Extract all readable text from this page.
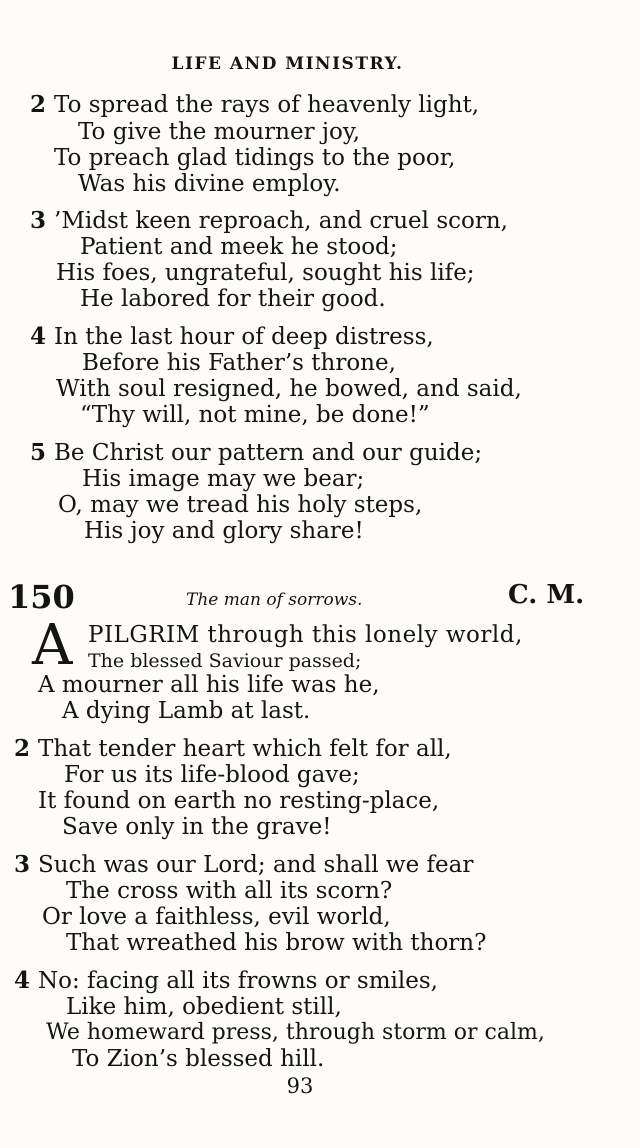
LIFE AND MINISTRY.
2 To spread the rays of heavenly light,
To give the mourner joy,
To preach glad tidings to the poor,
Was his divine employ.
3 ’Midst keen reproach, and cruel scorn,
Patient and meek he stood;
His foes, ungrateful, sought his life;
He labored for their good.
4 In the last hour of deep distress,
Before his Father’s throne,
With soul resigned, he bowed, and said,
“Thy will, not mine, be done!”
5 Be Christ our pattern and our guide;
His image may we bear;
O, may we tread his holy steps,
His joy and glory share!
150	The man of sorrows.	C. M.
A PILGRIM through this lonely world,
The blessed Saviour passed;
A mourner all his life was he,
A dying Lamb at last.
2 That tender heart which felt for all,
For us its life-blood gave;
It found on earth no resting-place,
Save only in the grave!
3 Such was our Lord; and shall we fear
The cross with all its scorn?
Or love a faithless, evil world,
That wreathed his brow with thorn?
4 No: facing all its frowns or smiles,
Like him, obedient still,
We homeward press, through storm or calm,
To Zion’s blessed hill.
93
